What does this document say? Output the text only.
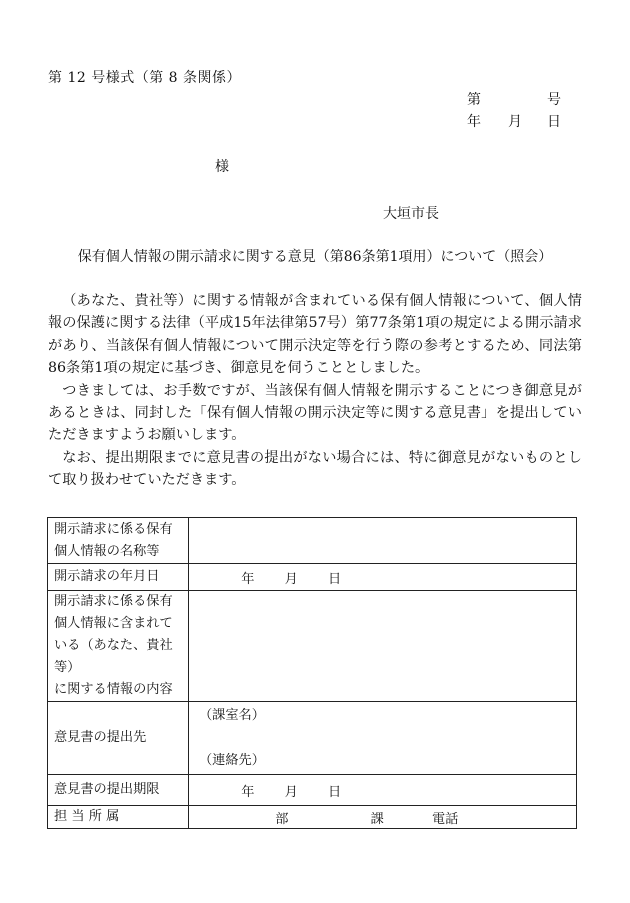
第 12 号様式（第 8 条関係）
第	号
年 月 日
様
大垣市長
保有個人情報の開示請求に関する意見（第86条第1項用）について（照会）

（あなた、貴社等）に関する情報が含まれている保有個人情報について、個人情報の保護に関する法律（平成15年法律第57号）第77条第1項の規定による開示請求があり、当該保有個人情報について開示決定等を行う際の参考とするため、同法第86条第1項の規定に基づき、御意見を伺うこととしました。

つきましては、お手数ですが、当該保有個人情報を開示することにつき御意見があるときは、同封した「保有個人情報の開示決定等に関する意見書」を提出していただきますようお願いします。

なお、提出期限までに意見書の提出がない場合には、特に御意見がないものとして取り扱わせていただきます。

開示請求に係る保有
個人情報の名称等	

開示請求の年月日	年 月 日

開示請求に係る保有
個人情報に含まれて
いる（あなた、貴社等）
に関する情報の内容	

意見書の提出先	（課室名）
（連絡先）

意見書の提出期限	年 月 日
担 当 所 属	部 課 電話
